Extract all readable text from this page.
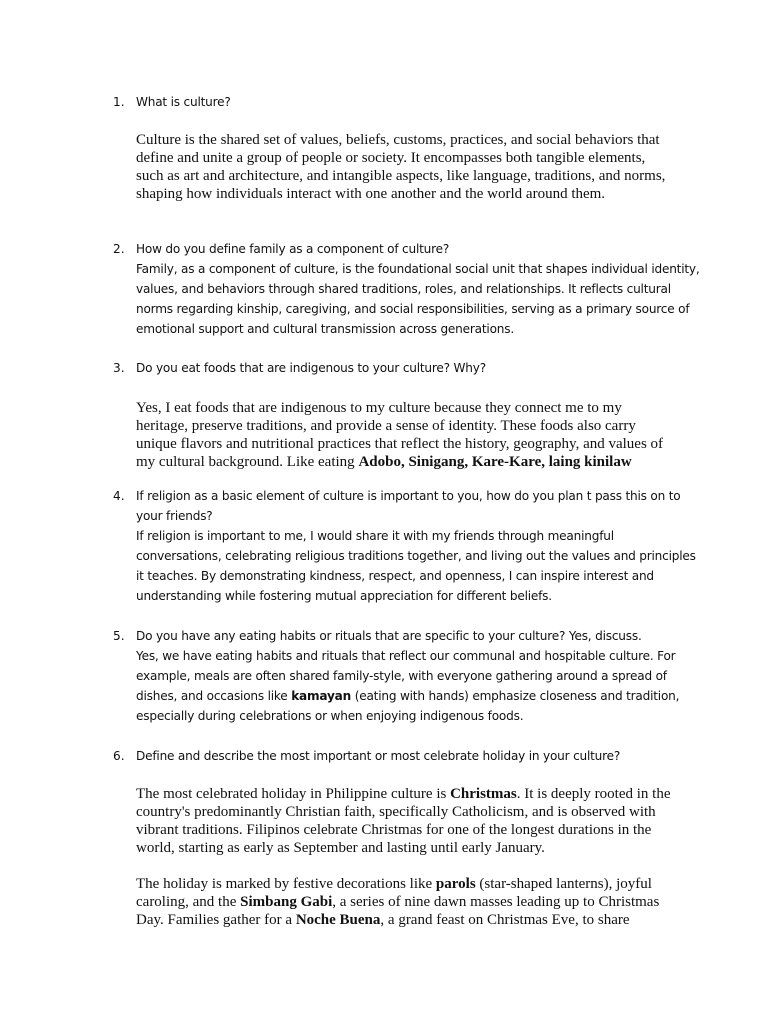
1. What is culture?
Culture is the shared set of values, beliefs, customs, practices, and social behaviors that
define and unite a group of people or society. It encompasses both tangible elements,
such as art and architecture, and intangible aspects, like language, traditions, and norms,
shaping how individuals interact with one another and the world around them.
2. How do you define family as a component of culture?
Family, as a component of culture, is the foundational social unit that shapes individual identity,
values, and behaviors through shared traditions, roles, and relationships. It reflects cultural
norms regarding kinship, caregiving, and social responsibilities, serving as a primary source of
emotional support and cultural transmission across generations.
3. Do you eat foods that are indigenous to your culture? Why?
Yes, I eat foods that are indigenous to my culture because they connect me to my
heritage, preserve traditions, and provide a sense of identity. These foods also carry
unique flavors and nutritional practices that reflect the history, geography, and values of
my cultural background. Like eating Adobo, Sinigang, Kare-Kare, laing kinilaw
4. If religion as a basic element of culture is important to you, how do you plan t pass this on to
your friends?
If religion is important to me, I would share it with my friends through meaningful
conversations, celebrating religious traditions together, and living out the values and principles
it teaches. By demonstrating kindness, respect, and openness, I can inspire interest and
understanding while fostering mutual appreciation for different beliefs.
5. Do you have any eating habits or rituals that are specific to your culture? Yes, discuss.
Yes, we have eating habits and rituals that reflect our communal and hospitable culture. For
example, meals are often shared family-style, with everyone gathering around a spread of
dishes, and occasions like kamayan (eating with hands) emphasize closeness and tradition,
especially during celebrations or when enjoying indigenous foods.
6. Define and describe the most important or most celebrate holiday in your culture?
The most celebrated holiday in Philippine culture is Christmas. It is deeply rooted in the
country's predominantly Christian faith, specifically Catholicism, and is observed with
vibrant traditions. Filipinos celebrate Christmas for one of the longest durations in the
world, starting as early as September and lasting until early January.
The holiday is marked by festive decorations like parols (star-shaped lanterns), joyful
caroling, and the Simbang Gabi, a series of nine dawn masses leading up to Christmas
Day. Families gather for a Noche Buena, a grand feast on Christmas Eve, to share
